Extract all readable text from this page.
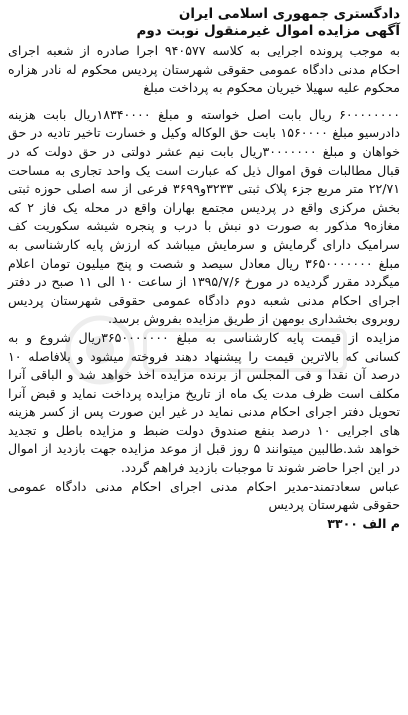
دادگستری جمهوری اسلامی ایران

آگهی مزایده اموال غیرمنقول نوبت دوم

به موجب پرونده اجرایی به کلاسه ۹۴۰۵۷۷ اجرا صادره از شعبه اجرای احکام مدنی دادگاه عمومی حقوقی شهرستان پردیس محکوم له نادر هزاره محکوم علیه سهیلا خیریان محکوم به پرداخت مبلغ

۶۰۰۰۰۰۰۰۰ ریال بابت اصل خواسته و مبلغ ۱۸۳۴۰۰۰۰ریال بابت هزینه دادرسیو مبلغ ۱۵۶۰۰۰۰ بابت حق الوکاله وکیل و خسارت تاخیر تادیه در حق خواهان و مبلغ ۳۰۰۰۰۰۰۰ریال بابت نیم عشر دولتی در حق دولت که در قبال مطالبات فوق اموال ذیل که عبارت است یک واحد تجاری به مساحت ۲۲/۷۱ متر مربع جزء پلاک ثبتی ۳۲۳۳و۳۶۹۹ فرعی از سه اصلی حوزه ثبتی بخش مرکزی واقع در پردیس مجتمع بهاران واقع در محله یک فاز ۲ که مغازه۹ مذکور به صورت دو نبش با درب و پنجره شیشه سکوریت کف سرامیک دارای گرمایش و سرمایش میباشد که ارزش پایه کارشناسی به مبلغ ۳۶۵۰۰۰۰۰۰۰ ریال معادل سیصد و شصت و پنج میلیون تومان اعلام میگردد مقرر گردیده در مورخ ۱۳۹۵/۷/۶ از ساعت ۱۰ الی ۱۱ صبح در دفتر اجرای احکام مدنی شعبه دوم دادگاه عمومی حقوقی شهرستان پردیس روبروی بخشداری بومهن از طریق مزایده بفروش برسد.

مزایده از قیمت پایه کارشناسی به مبلغ ۳۶۵۰۰۰۰۰۰۰ریال شروع و به کسانی که بالاترین قیمت را پیشنهاد دهند فروخته میشود و بلافاصله ۱۰ درصد آن نقدا و فی المجلس از برنده مزایده اخذ خواهد شد و الباقی آنرا مکلف است ظرف مدت یک ماه از تاریخ مزایده پرداخت نماید و قبض آنرا تحویل دفتر اجرای احکام مدنی نماید در غیر این صورت پس از کسر هزینه های اجرایی ۱۰ درصد بنفع صندوق دولت ضبط و مزایده باطل و تجدید خواهد شد.طالبین میتوانند ۵ روز قبل از موعد مزایده جهت بازدید از اموال در این اجرا حاضر شوند تا موجبات بازدید فراهم گردد.

عباس سعادتمند-مدیر احکام مدنی اجرای احکام مدنی دادگاه عمومی حقوقی شهرستان پردیس

م الف ۳۳۰۰
